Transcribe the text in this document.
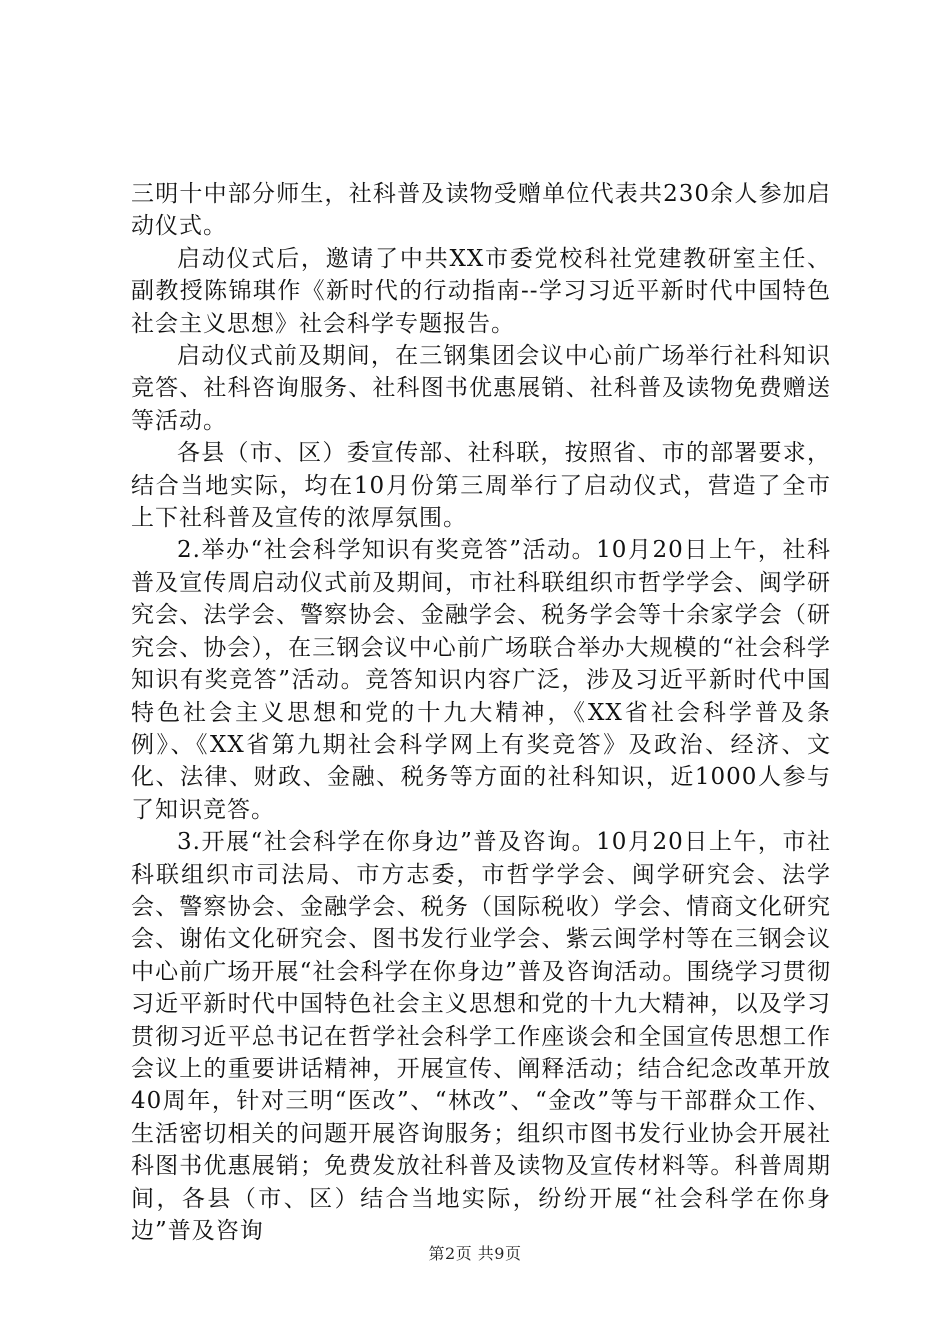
三明十中部分师生，社科普及读物受赠单位代表共230余人参加启动仪式。

启动仪式后，邀请了中共XX市委党校科社党建教研室主任、副教授陈锦琪作《新时代的行动指南--学习习近平新时代中国特色社会主义思想》社会科学专题报告。

启动仪式前及期间，在三钢集团会议中心前广场举行社科知识竞答、社科咨询服务、社科图书优惠展销、社科普及读物免费赠送等活动。

各县（市、区）委宣传部、社科联，按照省、市的部署要求，结合当地实际，均在10月份第三周举行了启动仪式，营造了全市上下社科普及宣传的浓厚氛围。

2.举办“社会科学知识有奖竞答”活动。10月20日上午，社科普及宣传周启动仪式前及期间，市社科联组织市哲学学会、闽学研究会、法学会、警察协会、金融学会、税务学会等十余家学会（研究会、协会），在三钢会议中心前广场联合举办大规模的“社会科学知识有奖竞答”活动。竞答知识内容广泛，涉及习近平新时代中国特色社会主义思想和党的十九大精神，《XX省社会科学普及条例》、《XX省第九期社会科学网上有奖竞答》及政治、经济、文化、法律、财政、金融、税务等方面的社科知识，近1000人参与了知识竞答。

3.开展“社会科学在你身边”普及咨询。10月20日上午，市社科联组织市司法局、市方志委，市哲学学会、闽学研究会、法学会、警察协会、金融学会、税务（国际税收）学会、情商文化研究会、谢佑文化研究会、图书发行业学会、紫云闽学村等在三钢会议中心前广场开展“社会科学在你身边”普及咨询活动。围绕学习贯彻习近平新时代中国特色社会主义思想和党的十九大精神，以及学习贯彻习近平总书记在哲学社会科学工作座谈会和全国宣传思想工作会议上的重要讲话精神，开展宣传、阐释活动；结合纪念改革开放40周年，针对三明“医改”、“林改”、“金改”等与干部群众工作、生活密切相关的问题开展咨询服务；组织市图书发行业协会开展社科图书优惠展销；免费发放社科普及读物及宣传材料等。科普周期间，各县（市、区）结合当地实际，纷纷开展“社会科学在你身边”普及咨询

第2页 共9页
